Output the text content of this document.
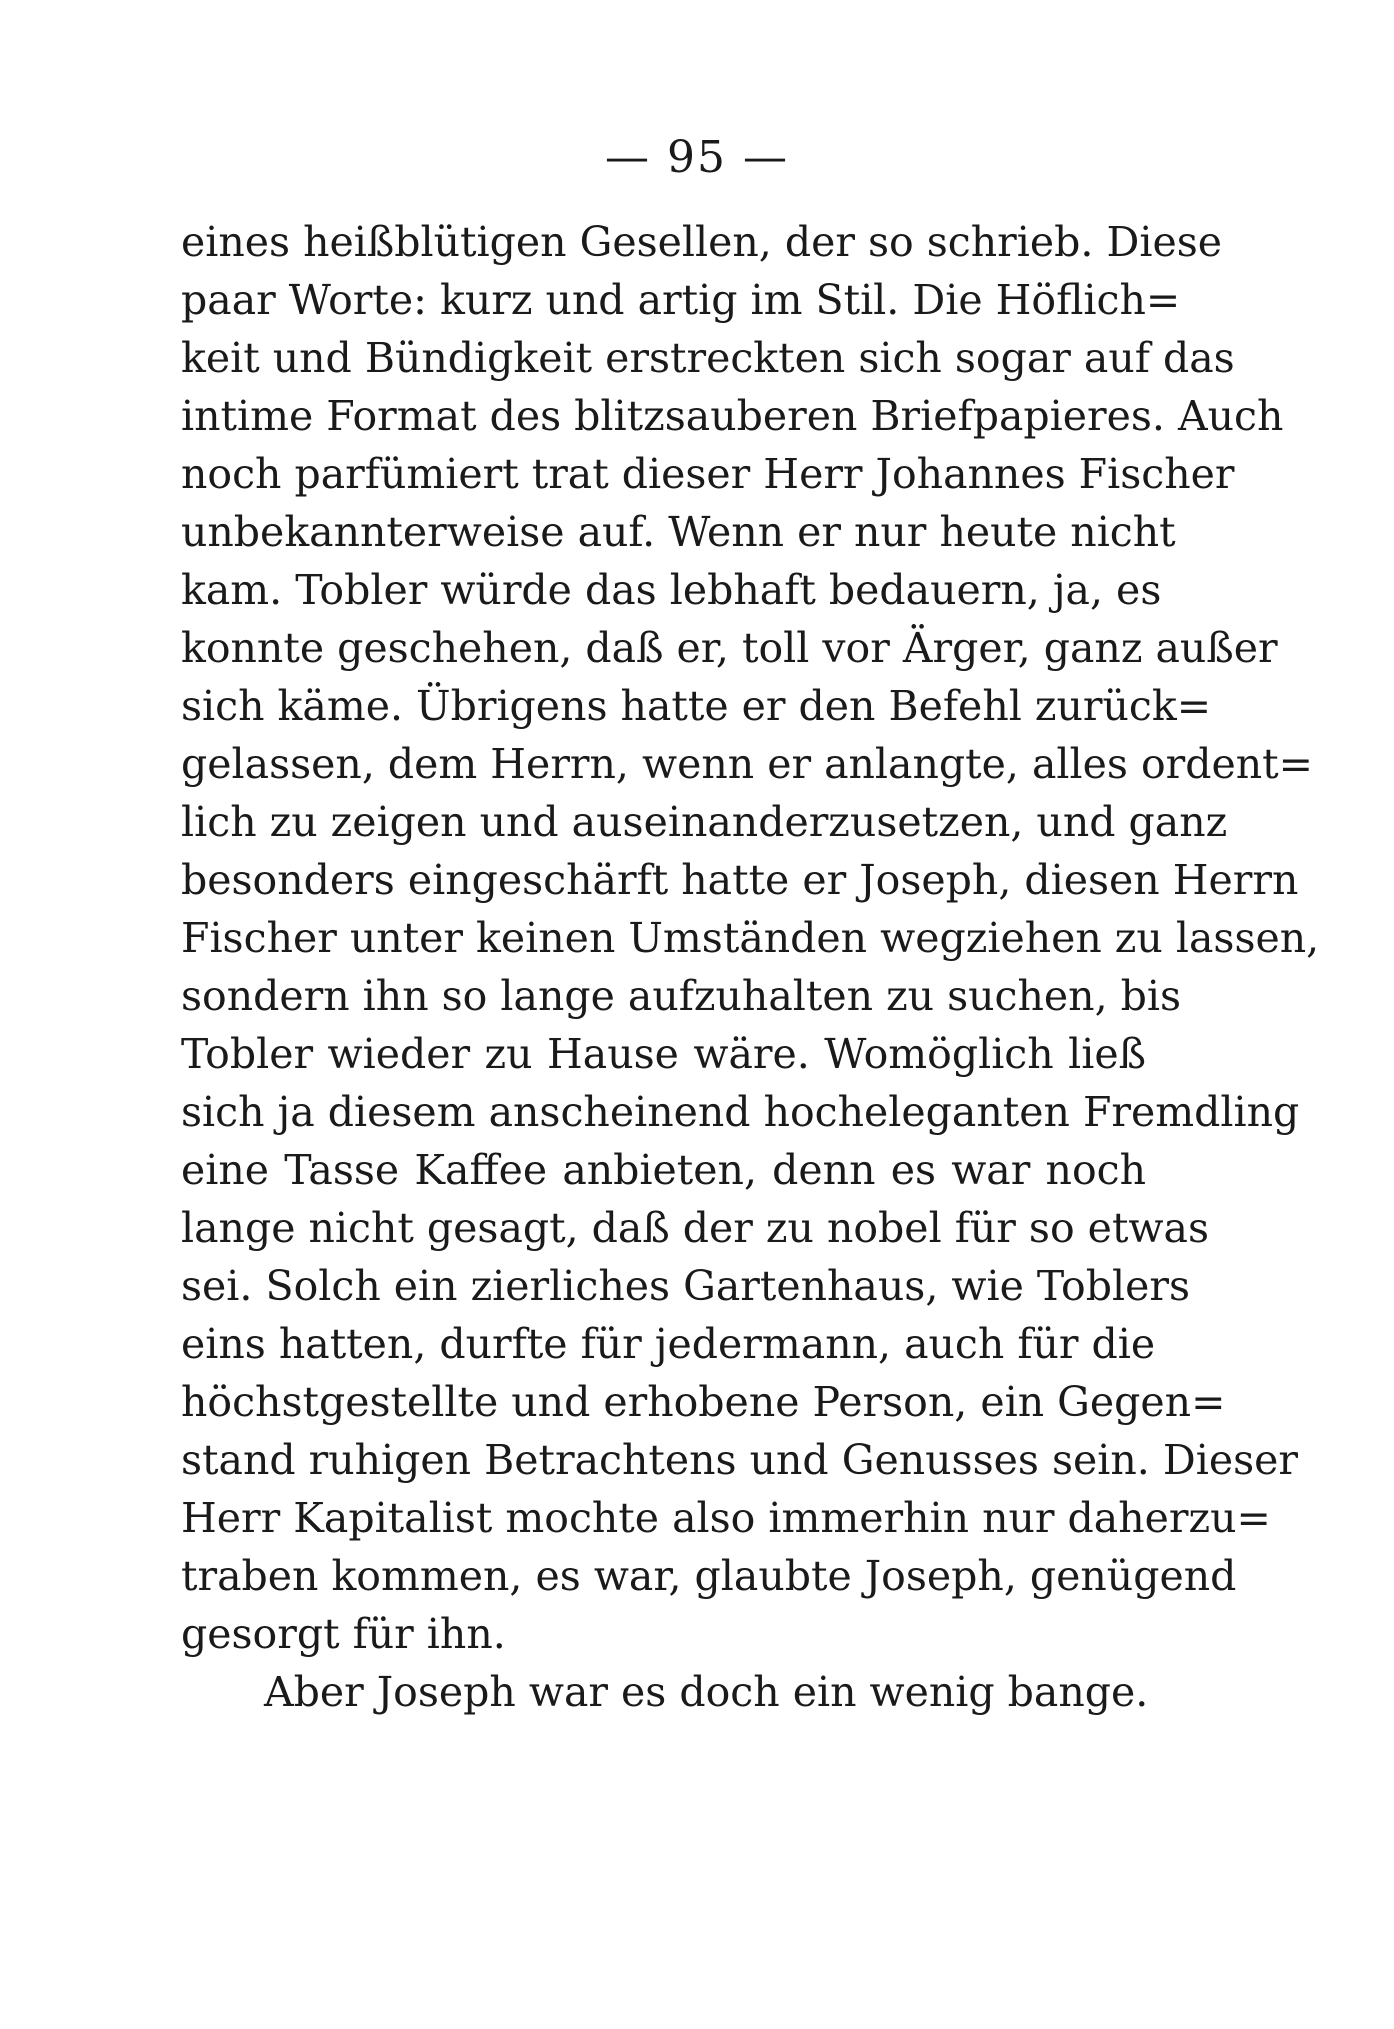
— 95 —
eines heißblütigen Gesellen, der so schrieb. Diese
paar Worte: kurz und artig im Stil. Die Höflich=
keit und Bündigkeit erstreckten sich sogar auf das
intime Format des blitzsauberen Briefpapieres. Auch
noch parfümiert trat dieser Herr Johannes Fischer
unbekannterweise auf. Wenn er nur heute nicht
kam. Tobler würde das lebhaft bedauern, ja, es
konnte geschehen, daß er, toll vor Ärger, ganz außer
sich käme. Übrigens hatte er den Befehl zurück=
gelassen, dem Herrn, wenn er anlangte, alles ordent=
lich zu zeigen und auseinanderzusetzen, und ganz
besonders eingeschärft hatte er Joseph, diesen Herrn
Fischer unter keinen Umständen wegziehen zu lassen,
sondern ihn so lange aufzuhalten zu suchen, bis
Tobler wieder zu Hause wäre. Womöglich ließ
sich ja diesem anscheinend hocheleganten Fremdling
eine Tasse Kaffee anbieten, denn es war noch
lange nicht gesagt, daß der zu nobel für so etwas
sei. Solch ein zierliches Gartenhaus, wie Toblers
eins hatten, durfte für jedermann, auch für die
höchstgestellte und erhobene Person, ein Gegen=
stand ruhigen Betrachtens und Genusses sein. Dieser
Herr Kapitalist mochte also immerhin nur daherzu=
traben kommen, es war, glaubte Joseph, genügend
gesorgt für ihn.
Aber Joseph war es doch ein wenig bange.
